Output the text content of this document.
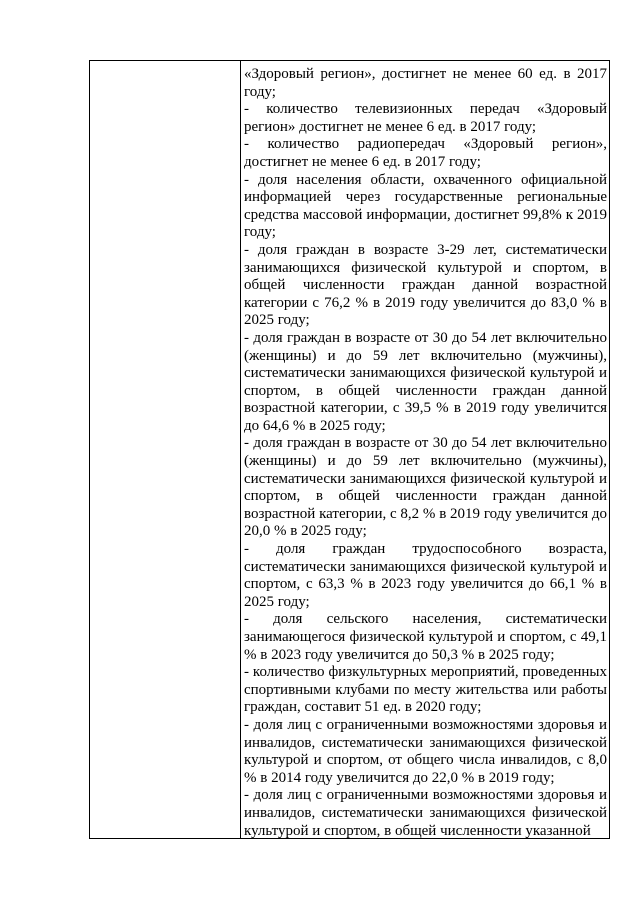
«Здоровый регион», достигнет не менее 60 ед. в 2017 году;

- количество телевизионных передач «Здоровый регион» достигнет не менее 6 ед. в 2017 году;

- количество радиопередач «Здоровый регион», достигнет не менее 6 ед. в 2017 году;

- доля населения области, охваченного официальной информацией через государственные региональные средства массовой информации, достигнет 99,8% к 2019 году;

- доля граждан в возрасте 3-29 лет, систематически занимающихся физической культурой и спортом, в общей численности граждан данной возрастной категории с 76,2 % в 2019 году увеличится до 83,0 % в 2025 году;

- доля граждан в возрасте от 30 до 54 лет включительно (женщины) и до 59 лет включительно (мужчины), систематически занимающихся физической культурой и спортом, в общей численности граждан данной возрастной категории, с 39,5 % в 2019 году увеличится до 64,6 % в 2025 году;

- доля граждан в возрасте от 30 до 54 лет включительно (женщины) и до 59 лет включительно (мужчины), систематически занимающихся физической культурой и спортом, в общей численности граждан данной возрастной категории, с 8,2 % в 2019 году увеличится до 20,0 % в 2025 году;

- доля граждан трудоспособного возраста, систематически занимающихся физической культурой и спортом, с 63,3 % в 2023 году увеличится до 66,1 % в 2025 году;

- доля сельского населения, систематически занимающегося физической культурой и спортом, с 49,1 % в 2023 году увеличится до 50,3 % в 2025 году;

- количество физкультурных мероприятий, проведенных спортивными клубами по месту жительства или работы граждан, составит 51 ед. в 2020 году;

- доля лиц с ограниченными возможностями здоровья и инвалидов, систематически занимающихся физической культурой и спортом, от общего числа инвалидов, с 8,0 % в 2014 году увеличится до 22,0 % в 2019 году;

- доля лиц с ограниченными возможностями здоровья и инвалидов, систематически занимающихся физической культурой и спортом, в общей численности указанной
